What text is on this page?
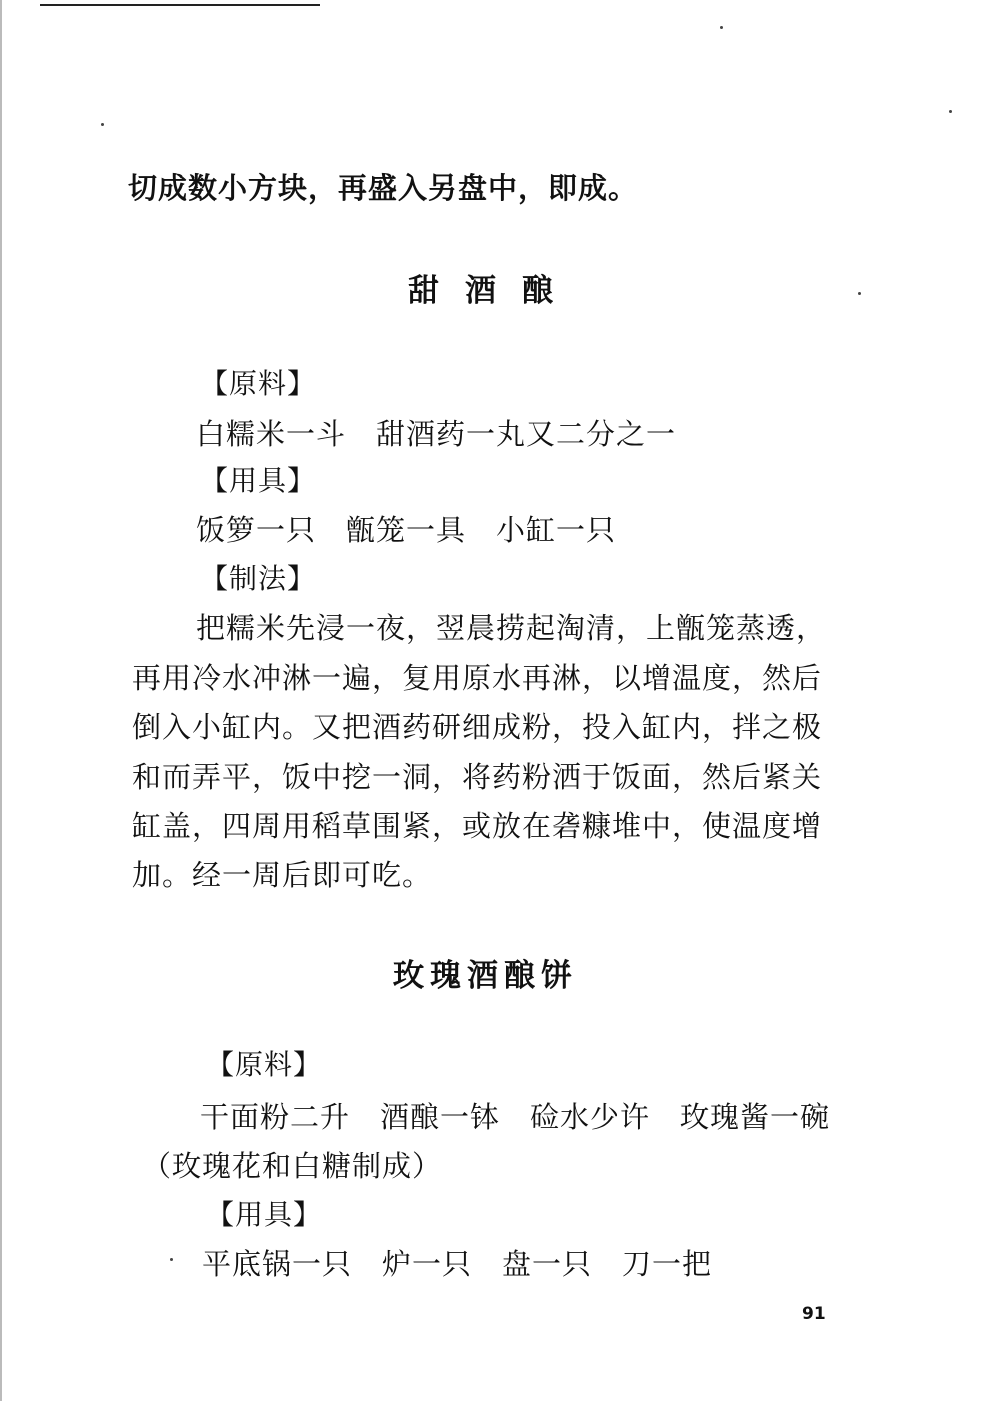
切成数小方块，再盛入另盘中，即成。

甜酒酿

【原料】

白糯米一斗　甜酒药一丸又二分之一

【用具】

饭箩一只　甑笼一具　小缸一只

【制法】

把糯米先浸一夜，翌晨捞起淘清，上甑笼蒸透，

再用冷水冲淋一遍，复用原水再淋，以增温度，然后

倒入小缸内。又把酒药研细成粉，投入缸内，拌之极

和而弄平，饭中挖一洞，将药粉洒于饭面，然后紧关

缸盖，四周用稻草围紧，或放在砻糠堆中，使温度增

加。经一周后即可吃。

玫瑰酒酿饼

【原料】

干面粉二升　酒酿一钵　硷水少许　玫瑰酱一碗

（玫瑰花和白糖制成）

【用具】

平底锅一只　炉一只　盘一只　刀一把

91
